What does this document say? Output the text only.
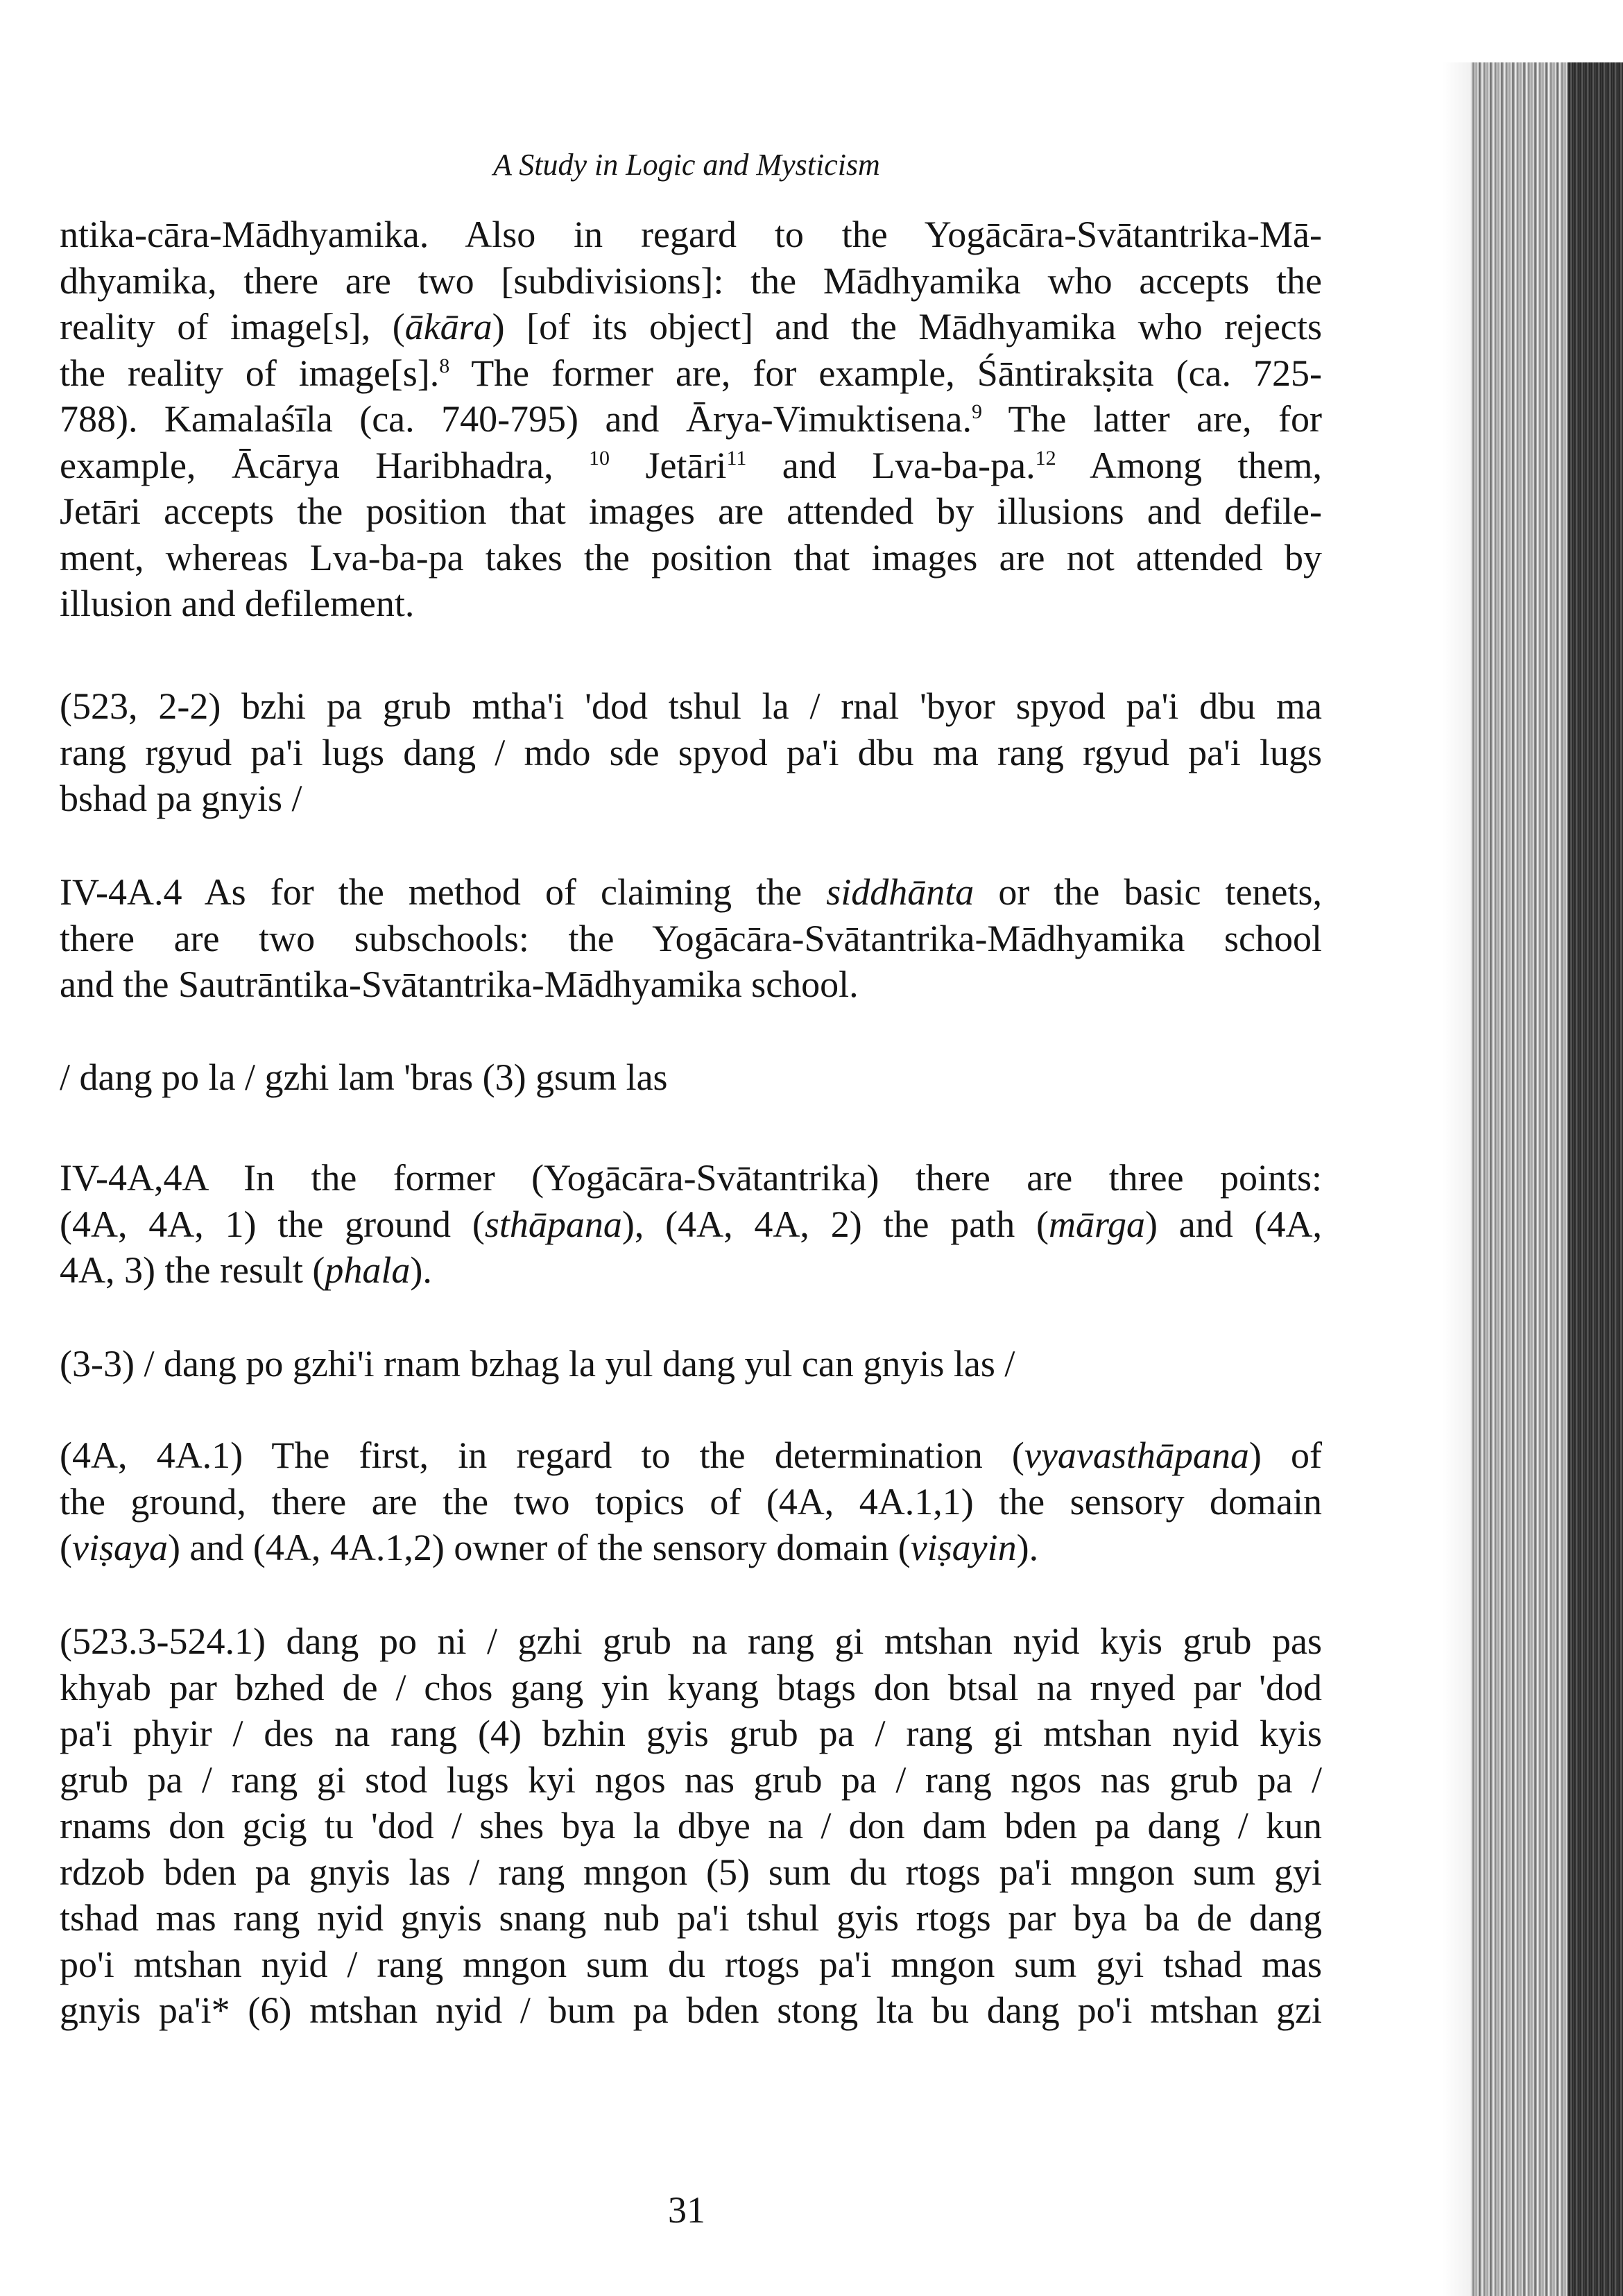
A Study in Logic and Mysticism
ntika-cāra-Mādhyamika. Also in regard to the Yogācāra-Svātantrika-Mā-
dhyamika, there are two [subdivisions]: the Mādhyamika who accepts the
reality of image[s], (ākāra) [of its object] and the Mādhyamika who rejects
the reality of image[s].$^8$ The former are, for example, Śāntirakṣita (ca. 725-
788). Kamalaśīla (ca. 740-795) and Ārya-Vimuktisena.$^9$ The latter are, for
example, Ācārya Haribhadra, $^{10}$ Jetāri$^{11}$ and Lva-ba-pa.$^{12}$ Among them,
Jetāri accepts the position that images are attended by illusions and defile-
ment, whereas Lva-ba-pa takes the position that images are not attended by
illusion and defilement.
(523, 2-2) bzhi pa grub mtha'i 'dod tshul la / rnal 'byor spyod pa'i dbu ma
rang rgyud pa'i lugs dang / mdo sde spyod pa'i dbu ma rang rgyud pa'i lugs
bshad pa gnyis /
IV-4A.4 As for the method of claiming the siddhānta or the basic tenets,
there are two subschools: the Yogācāra-Svātantrika-Mādhyamika school
and the Sautrāntika-Svātantrika-Mādhyamika school.
/ dang po la / gzhi lam 'bras (3) gsum las
IV-4A,4A In the former (Yogācāra-Svātantrika) there are three points:
(4A, 4A, 1) the ground (sthāpana), (4A, 4A, 2) the path (mārga) and (4A,
4A, 3) the result (phala).
(3-3) / dang po gzhi'i rnam bzhag la yul dang yul can gnyis las /
(4A, 4A.1) The first, in regard to the determination (vyavasthāpana) of
the ground, there are the two topics of (4A, 4A.1,1) the sensory domain
(viṣaya) and (4A, 4A.1,2) owner of the sensory domain (viṣayin).
(523.3-524.1) dang po ni / gzhi grub na rang gi mtshan nyid kyis grub pas
khyab par bzhed de / chos gang yin kyang btags don btsal na rnyed par 'dod
pa'i phyir / des na rang (4) bzhin gyis grub pa / rang gi mtshan nyid kyis
grub pa / rang gi stod lugs kyi ngos nas grub pa / rang ngos nas grub pa /
rnams don gcig tu 'dod / shes bya la dbye na / don dam bden pa dang / kun
rdzob bden pa gnyis las / rang mngon (5) sum du rtogs pa'i mngon sum gyi
tshad mas rang nyid gnyis snang nub pa'i tshul gyis rtogs par bya ba de dang
po'i mtshan nyid / rang mngon sum du rtogs pa'i mngon sum gyi tshad mas
gnyis pa'i* (6) mtshan nyid / bum pa bden stong lta bu dang po'i mtshan gzi
31
